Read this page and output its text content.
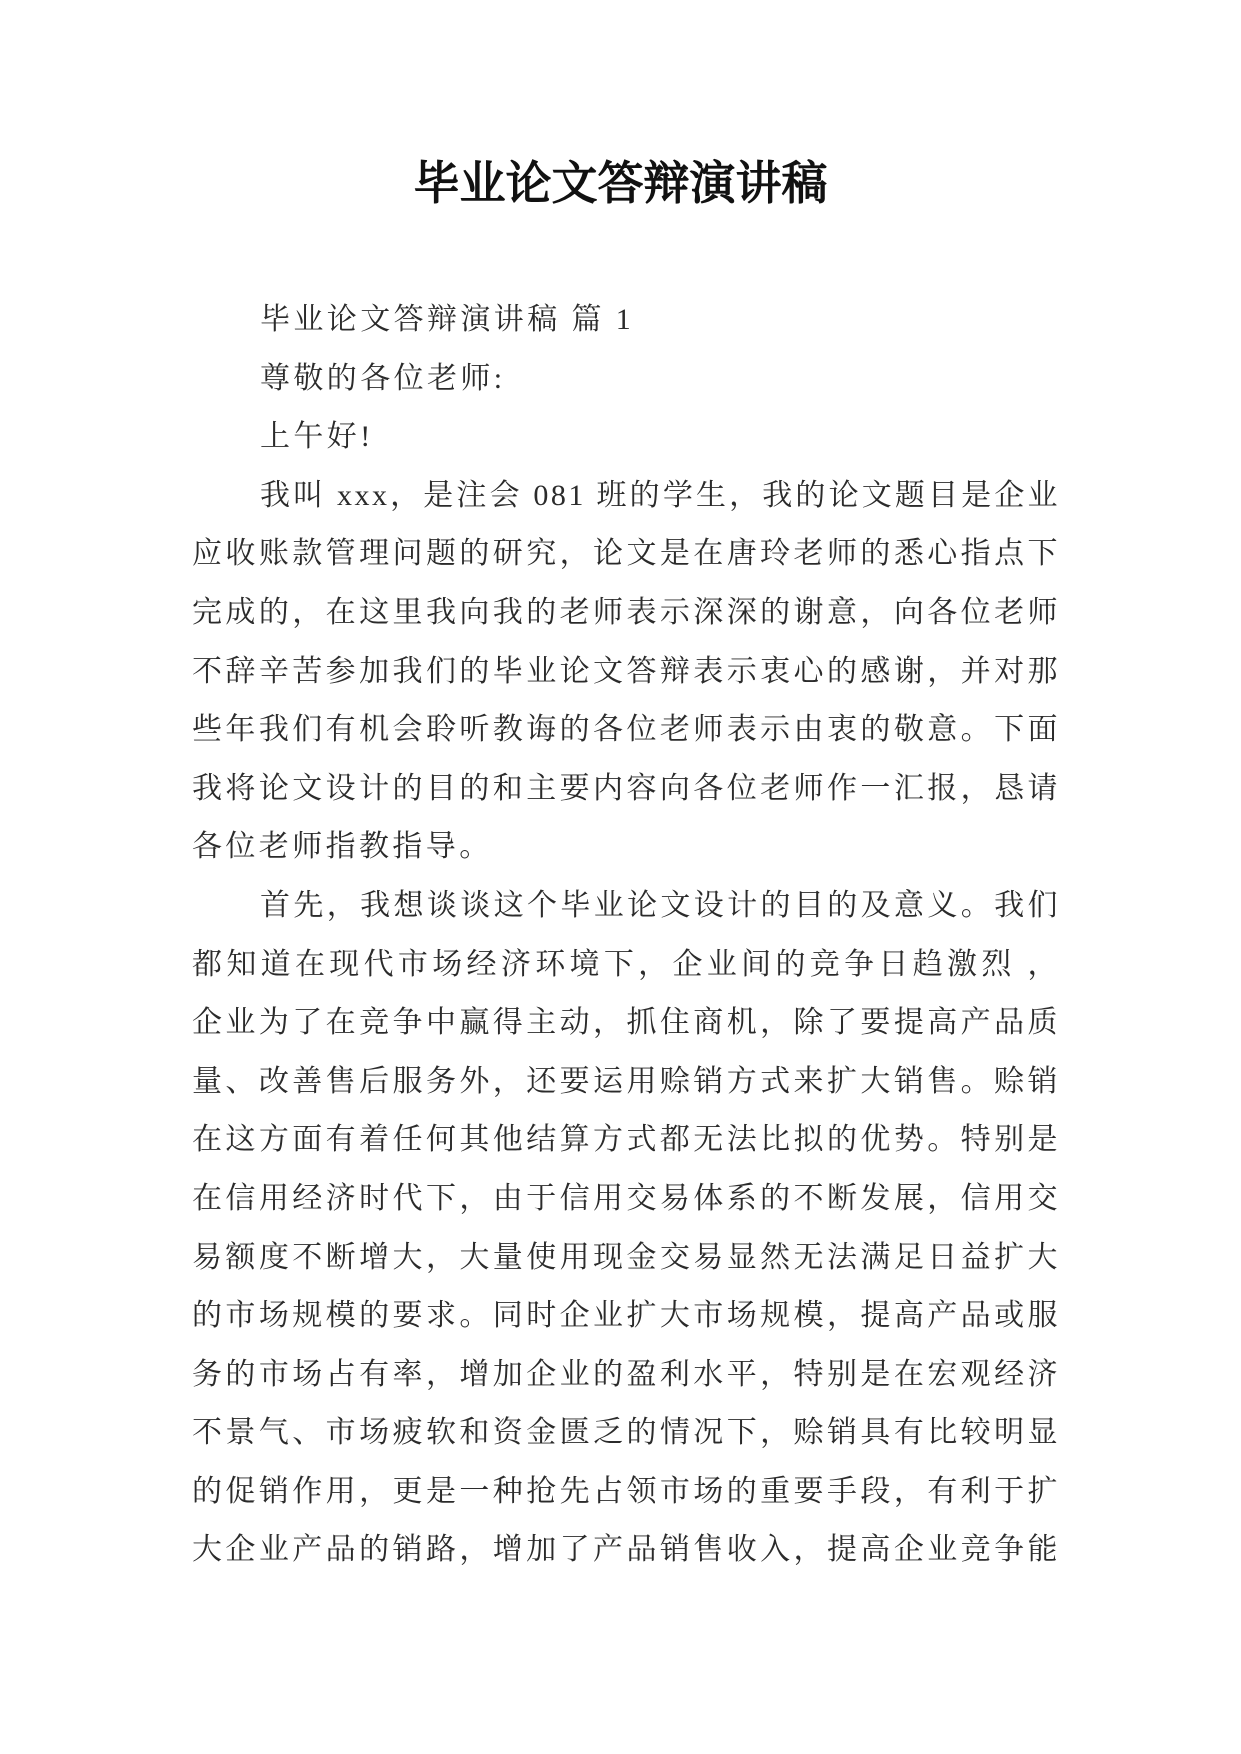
毕业论文答辩演讲稿
毕业论文答辩演讲稿 篇 1
尊敬的各位老师:
上午好!
我叫 xxx，是注会 081 班的学生，我的论文题目是企业
应收账款管理问题的研究，论文是在唐玲老师的悉心指点下
完成的，在这里我向我的老师表示深深的谢意，向各位老师
不辞辛苦参加我们的毕业论文答辩表示衷心的感谢，并对那
些年我们有机会聆听教诲的各位老师表示由衷的敬意。下面
我将论文设计的目的和主要内容向各位老师作一汇报，恳请
各位老师指教指导。
首先，我想谈谈这个毕业论文设计的目的及意义。我们
都知道在现代市场经济环境下，企业间的竞争日趋激烈 ，
企业为了在竞争中赢得主动，抓住商机，除了要提高产品质
量、改善售后服务外，还要运用赊销方式来扩大销售。赊销
在这方面有着任何其他结算方式都无法比拟的优势。特别是
在信用经济时代下，由于信用交易体系的不断发展，信用交
易额度不断增大，大量使用现金交易显然无法满足日益扩大
的市场规模的要求。同时企业扩大市场规模，提高产品或服
务的市场占有率，增加企业的盈利水平，特别是在宏观经济
不景气、市场疲软和资金匮乏的情况下，赊销具有比较明显
的促销作用，更是一种抢先占领市场的重要手段，有利于扩
大企业产品的销路，增加了产品销售收入，提高企业竞争能
